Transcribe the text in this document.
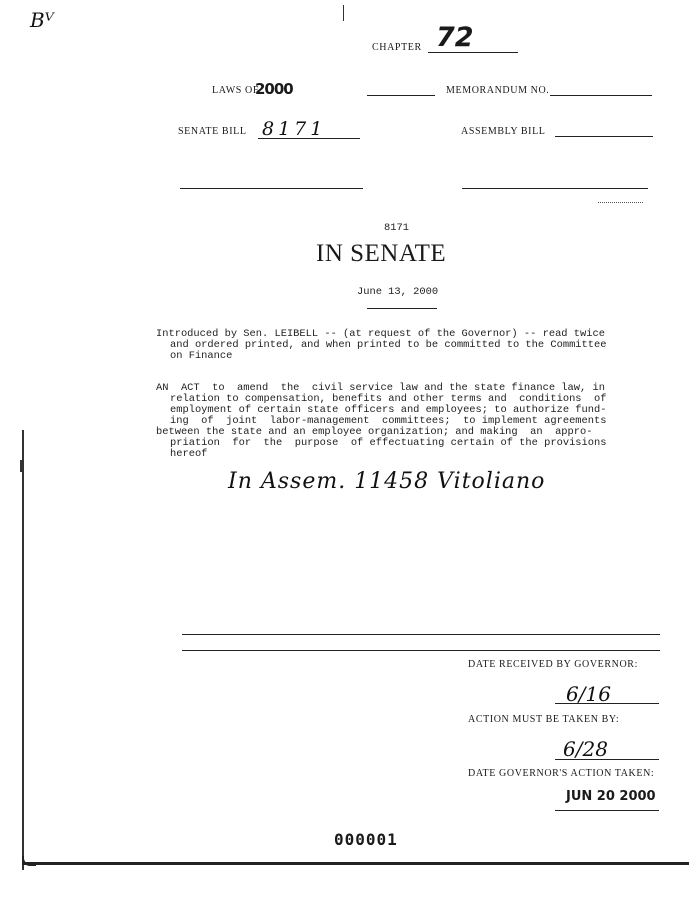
Bⱽ
CHAPTER 72
LAWS OF
2000	MEMORANDUM NO.
SENATE BILL 8171	ASSEMBLY BILL
8171
IN SENATE
June 13, 2000
Introduced by Sen. LEIBELL -- (at request of the Governor) -- read twice
and ordered printed, and when printed to be committed to the Committee
on Finance
AN  ACT  to  amend  the  civil service law and the state finance law, in
relation to compensation, benefits and other terms and  conditions  of
employment of certain state officers and employees; to authorize fund-
ing  of  joint  labor-management  committees;  to implement agreements
between the state and an employee organization; and making  an  appro-
priation  for  the  purpose  of effectuating certain of the provisions
hereof
In Assem. 11458 Vitoliano
DATE RECEIVED BY GOVERNOR:
6/16
ACTION MUST BE TAKEN BY:
6/28
DATE GOVERNOR'S ACTION TAKEN:
JUN 20 2000
000001
